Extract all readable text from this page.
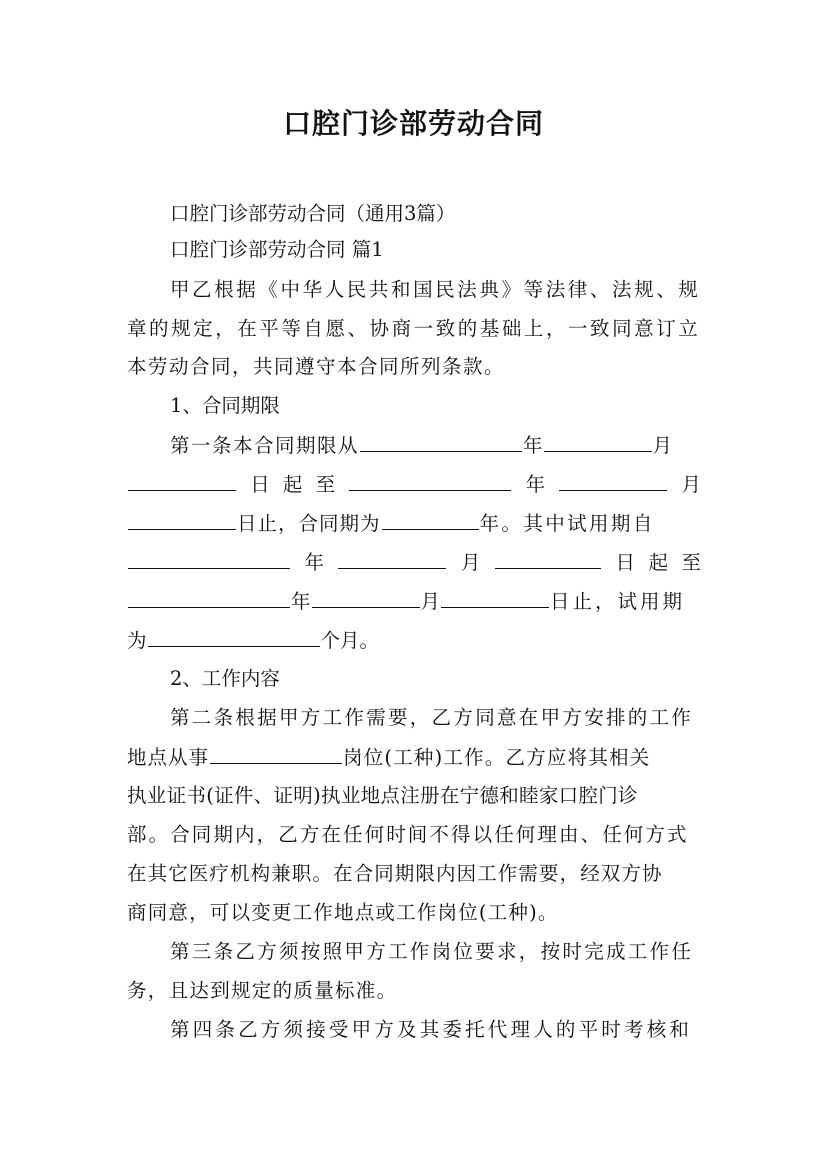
口腔门诊部劳动合同
口腔门诊部劳动合同（通用3篇）
口腔门诊部劳动合同 篇1
甲乙根据《中华人民共和国民法典》等法律、法规、规
章的规定，在平等自愿、协商一致的基础上，一致同意订立
本劳动合同，共同遵守本合同所列条款。
1、合同期限
第一条本合同期限从	年	月
日 起 至	年	月
日止，合同期为	年。其中试用期自
年	月	日 起 至
年	月	日止，试用期
为	个月。
2、工作内容
第二条根据甲方工作需要，乙方同意在甲方安排的工作
地点从事	岗位(工种)工作。乙方应将其相关
执业证书(证件、证明)执业地点注册在宁德和睦家口腔门诊
部。合同期内，乙方在任何时间不得以任何理由、任何方式
在其它医疗机构兼职。在合同期限内因工作需要，经双方协
商同意，可以变更工作地点或工作岗位(工种)。
第三条乙方须按照甲方工作岗位要求，按时完成工作任
务，且达到规定的质量标准。
第四条乙方须接受甲方及其委托代理人的平时考核和
